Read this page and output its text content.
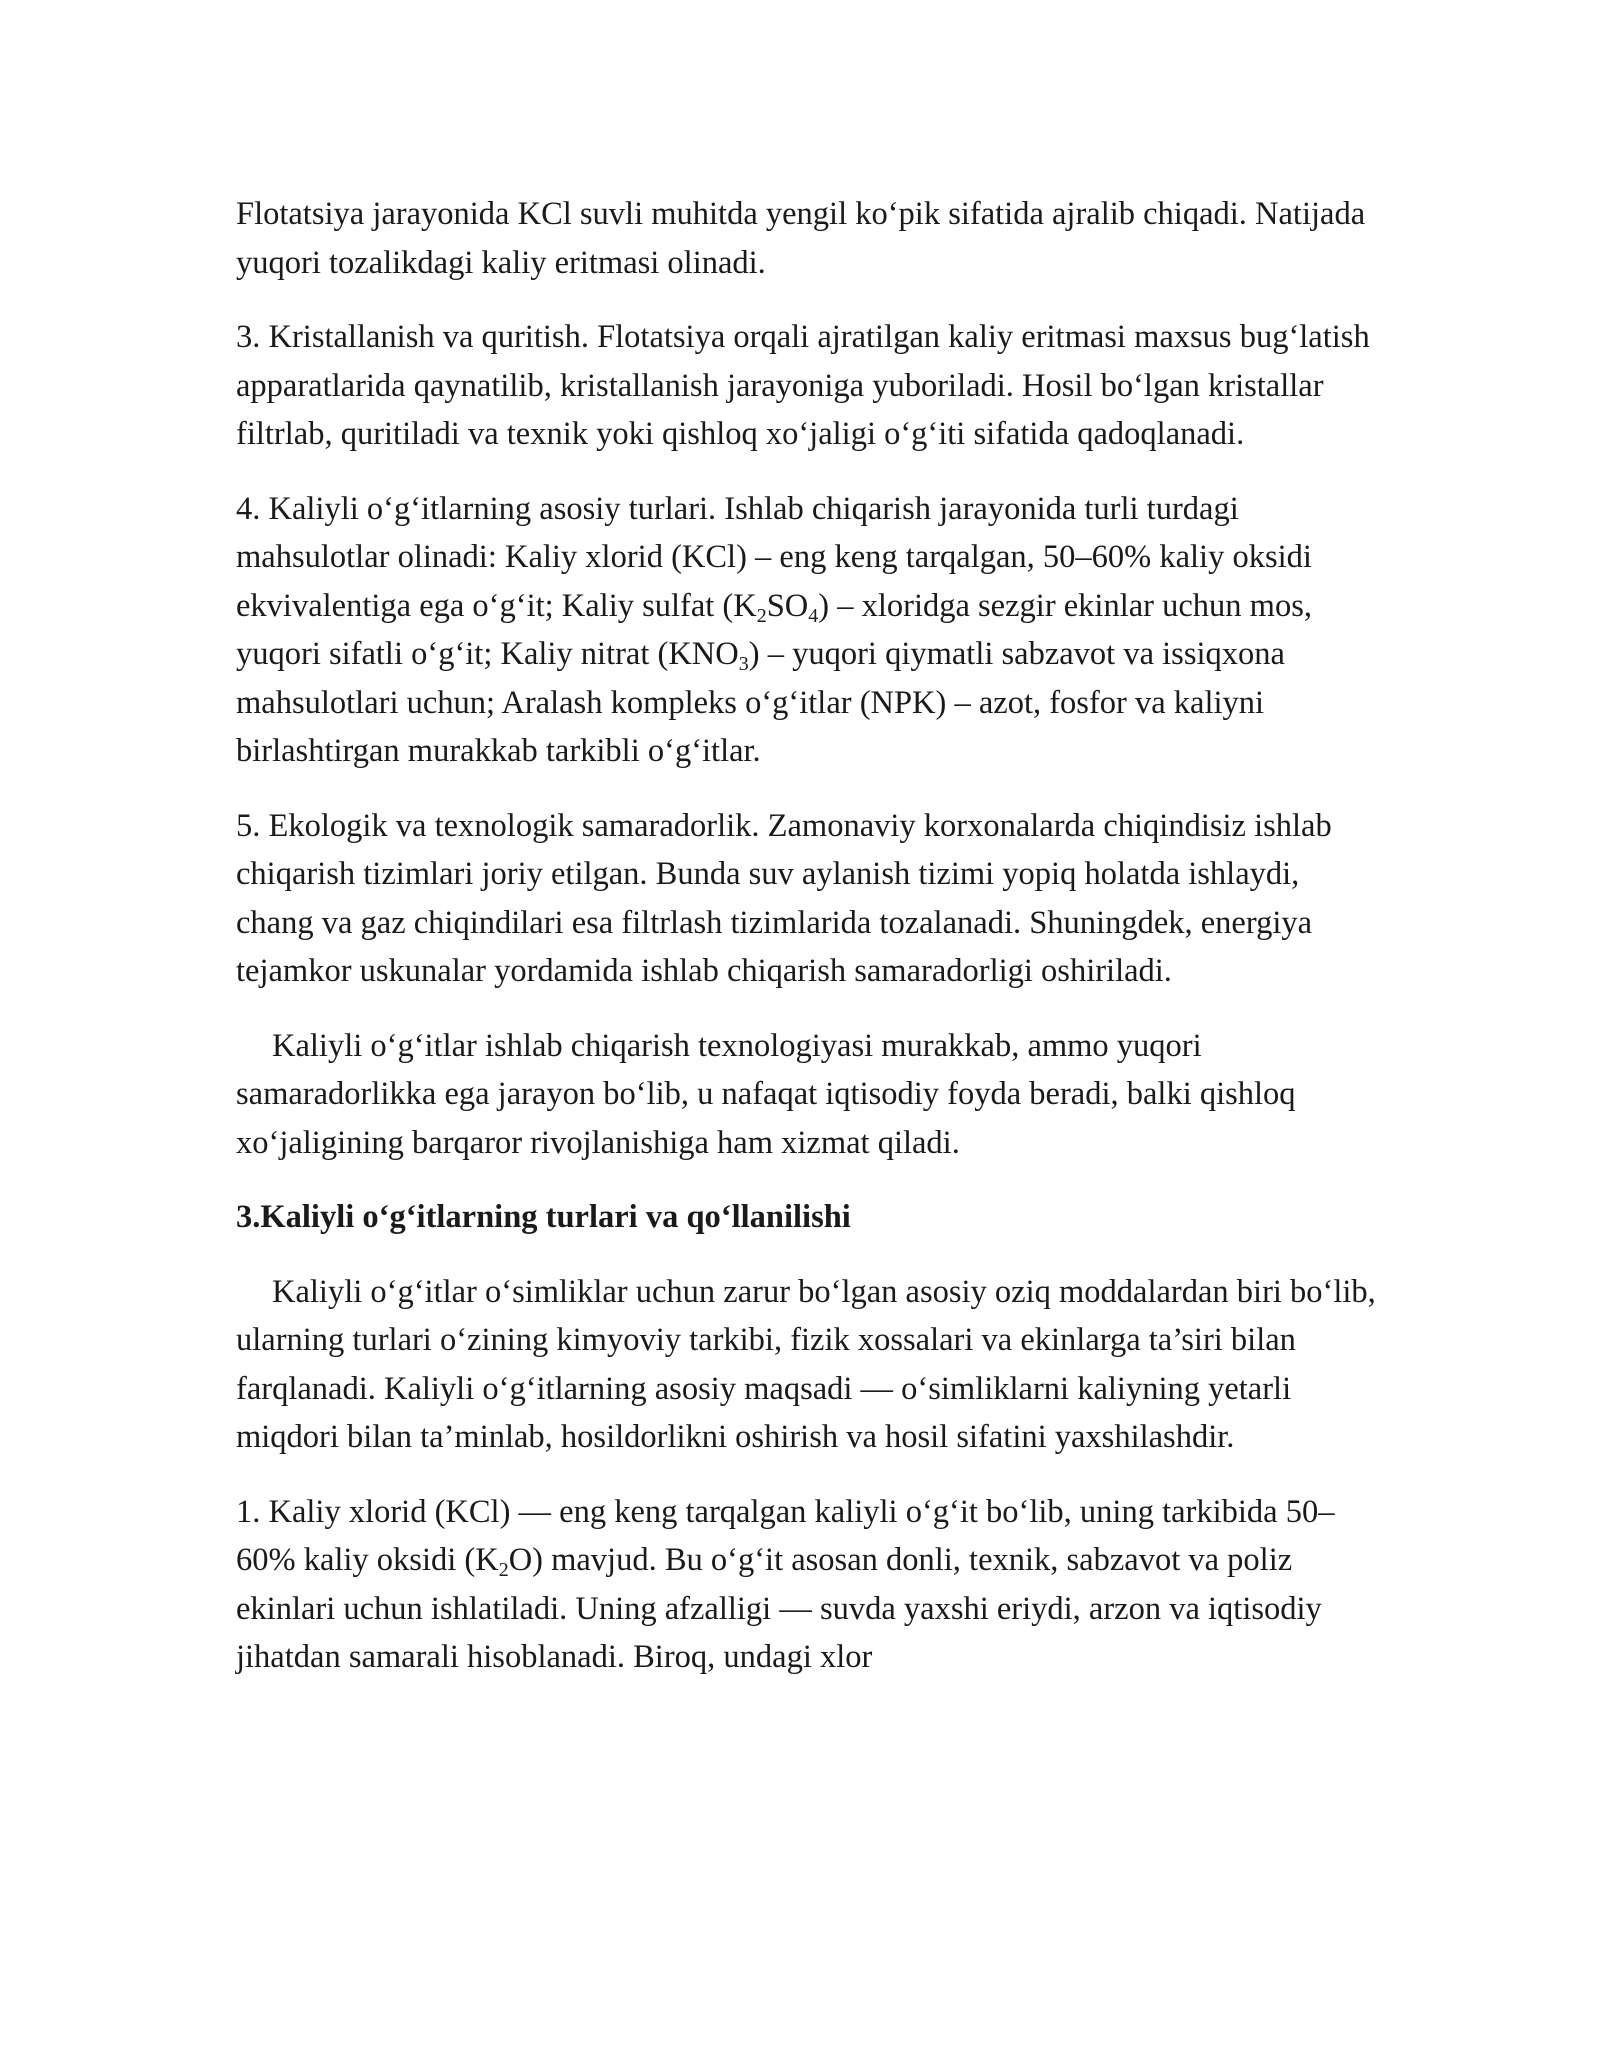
Flotatsiya jarayonida KCl suvli muhitda yengil ko‘pik sifatida ajralib chiqadi. Natijada yuqori tozalikdagi kaliy eritmasi olinadi.

3. Kristallanish va quritish. Flotatsiya orqali ajratilgan kaliy eritmasi maxsus bug‘latish apparatlarida qaynatilib, kristallanish jarayoniga yuboriladi. Hosil bo‘lgan kristallar filtrlab, quritiladi va texnik yoki qishloq xo‘jaligi o‘g‘iti sifatida qadoqlanadi.

4. Kaliyli o‘g‘itlarning asosiy turlari. Ishlab chiqarish jarayonida turli turdagi mahsulotlar olinadi: Kaliy xlorid (KCl) – eng keng tarqalgan, 50–60% kaliy oksidi ekvivalentiga ega o‘g‘it; Kaliy sulfat $(K_2SO_4)$ – xloridga sezgir ekinlar uchun mos, yuqori sifatli o‘g‘it; Kaliy nitrat $(KNO_3)$ – yuqori qiymatli sabzavot va issiqxona mahsulotlari uchun; Aralash kompleks o‘g‘itlar (NPK) – azot, fosfor va kaliyni birlashtirgan murakkab tarkibli o‘g‘itlar.

5. Ekologik va texnologik samaradorlik. Zamonaviy korxonalarda chiqindisiz ishlab chiqarish tizimlari joriy etilgan. Bunda suv aylanish tizimi yopiq holatda ishlaydi, chang va gaz chiqindilari esa filtrlash tizimlarida tozalanadi. Shuningdek, energiya tejamkor uskunalar yordamida ishlab chiqarish samaradorligi oshiriladi.

Kaliyli o‘g‘itlar ishlab chiqarish texnologiyasi murakkab, ammo yuqori samaradorlikka ega jarayon bo‘lib, u nafaqat iqtisodiy foyda beradi, balki qishloq xo‘jaligining barqaror rivojlanishiga ham xizmat qiladi.

3.Kaliyli o‘g‘itlarning turlari va qo‘llanilishi

Kaliyli o‘g‘itlar o‘simliklar uchun zarur bo‘lgan asosiy oziq moddalardan biri bo‘lib, ularning turlari o‘zining kimyoviy tarkibi, fizik xossalari va ekinlarga ta’siri bilan farqlanadi. Kaliyli o‘g‘itlarning asosiy maqsadi — o‘simliklarni kaliyning yetarli miqdori bilan ta’minlab, hosildorlikni oshirish va hosil sifatini yaxshilashdir.

1. Kaliy xlorid (KCl) — eng keng tarqalgan kaliyli o‘g‘it bo‘lib, uning tarkibida 50–60% kaliy oksidi $(K_2O)$ mavjud. Bu o‘g‘it asosan donli, texnik, sabzavot va poliz ekinlari uchun ishlatiladi. Uning afzalligi — suvda yaxshi eriydi, arzon va iqtisodiy jihatdan samarali hisoblanadi. Biroq, undagi xlor
